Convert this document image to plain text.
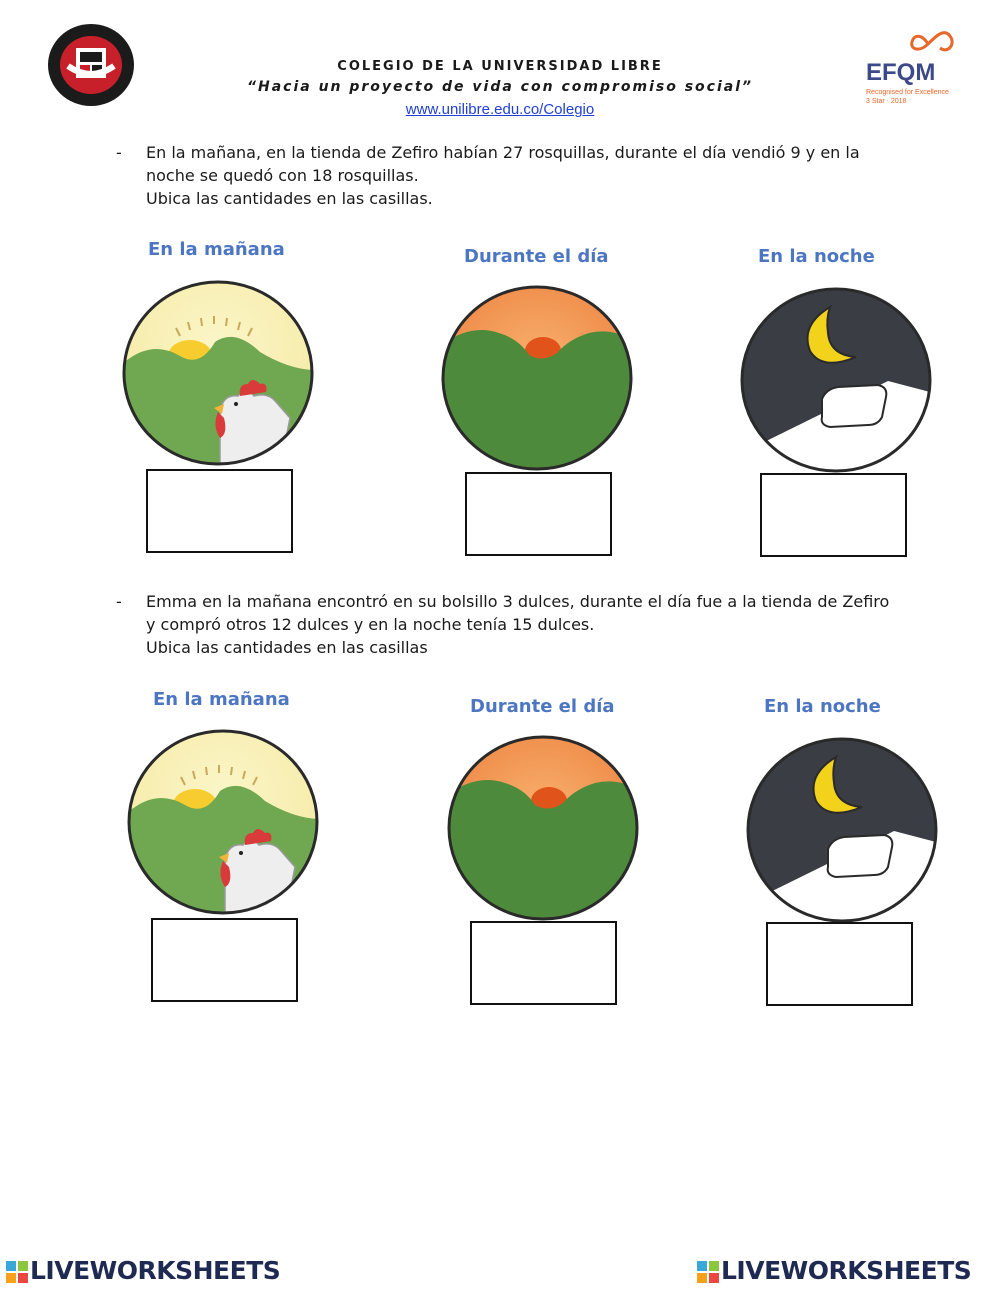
COLEGIO DE LA UNIVERSIDAD LIBRE
“Hacia un proyecto de vida con compromiso social”
www.unilibre.edu.co/Colegio
EFQM
Recognised for Excellence
3 Star · 2018
- En la mañana, en la tienda de Zefiro habían 27 rosquillas, durante el día vendió 9 y en la
noche se quedó con 18 rosquillas.
Ubica las cantidades en las casillas.
En la mañana	Durante el día	En la noche
- Emma en la mañana encontró en su bolsillo 3 dulces, durante el día fue a la tienda de Zefiro
y compró otros 12 dulces y en la noche tenía 15 dulces.
Ubica las cantidades en las casillas
En la mañana	Durante el día	En la noche
LIVEWORKSHEETS	LIVEWORKSHEETS
